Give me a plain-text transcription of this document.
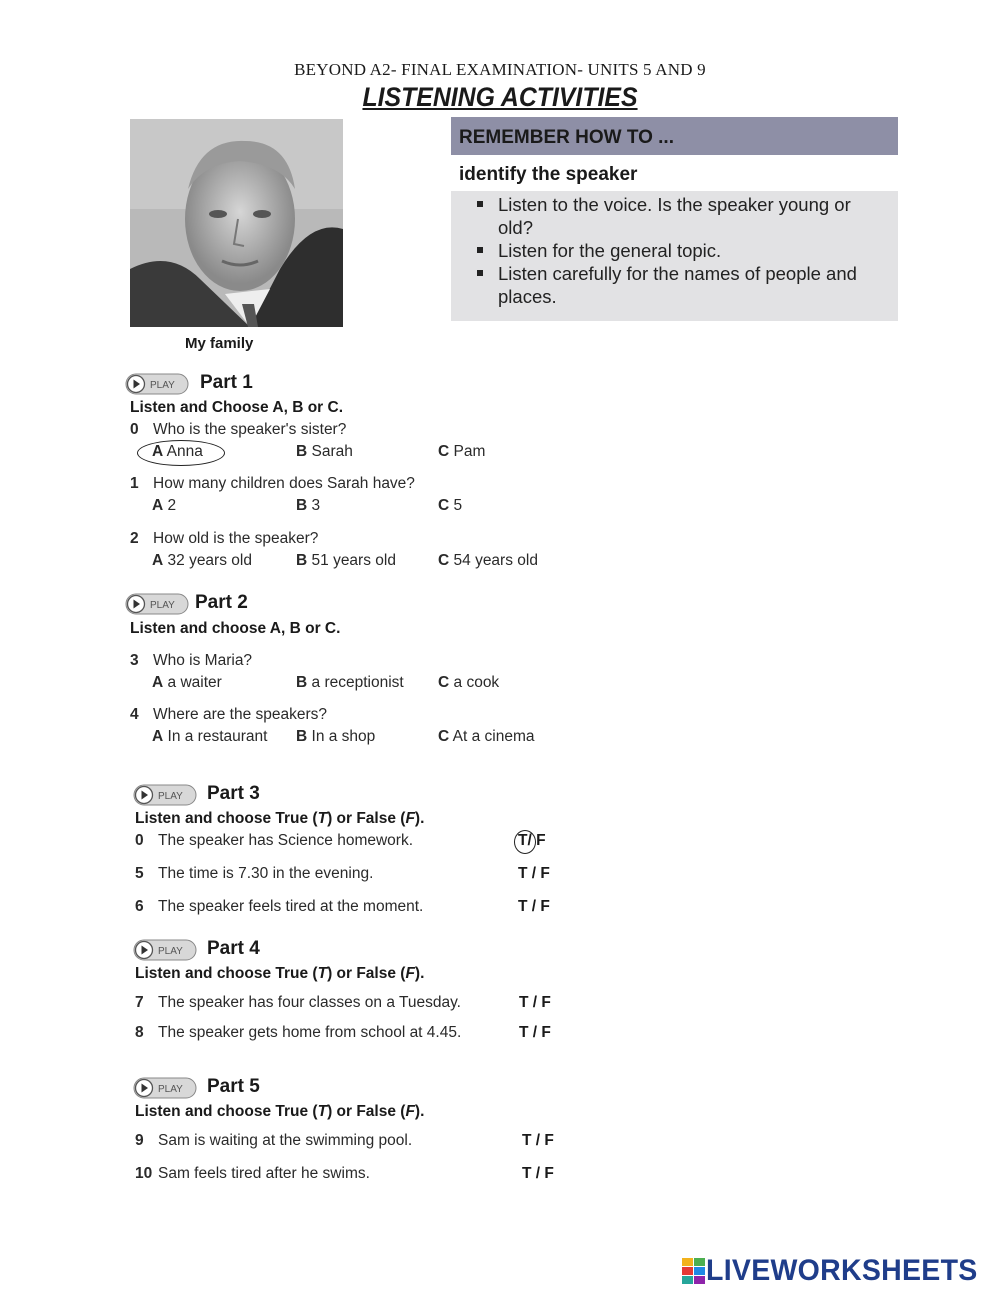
BEYOND A2- FINAL EXAMINATION- UNITS 5 AND 9
LISTENING ACTIVITIES
My family
REMEMBER HOW TO ...
identify the speaker
Listen to the voice. Is the speaker young or old?
Listen for the general topic.
Listen carefully for the names of people and places.
PLAY Part 1
Listen and Choose A, B or C.
0 Who is the speaker's sister?
A Anna	B Sarah	C Pam
1 How many children does Sarah have?
A 2	B 3	C 5
2 How old is the speaker?
A 32 years old	B 51 years old	C 54 years old
PLAY Part 2
Listen and choose A, B or C.
3 Who is Maria?
A a waiter	B a receptionist C a cook
4 Where are the speakers?
A In a restaurant B In a shop	C At a cinema
PLAY Part 3
Listen and choose True (T) or False (F).
0 The speaker has Science homework.	T/ F
5 The time is 7.30 in the evening.	T / F
6 The speaker feels tired at the moment.	T / F
PLAY Part 4
Listen and choose True (T) or False (F).
7 The speaker has four classes on a Tuesday.	T / F
8 The speaker gets home from school at 4.45.	T / F
PLAY Part 5
Listen and choose True (T) or False (F).
9 Sam is waiting at the swimming pool.	T / F
10 Sam feels tired after he swims.	T / F
LIVEWORKSHEETS
